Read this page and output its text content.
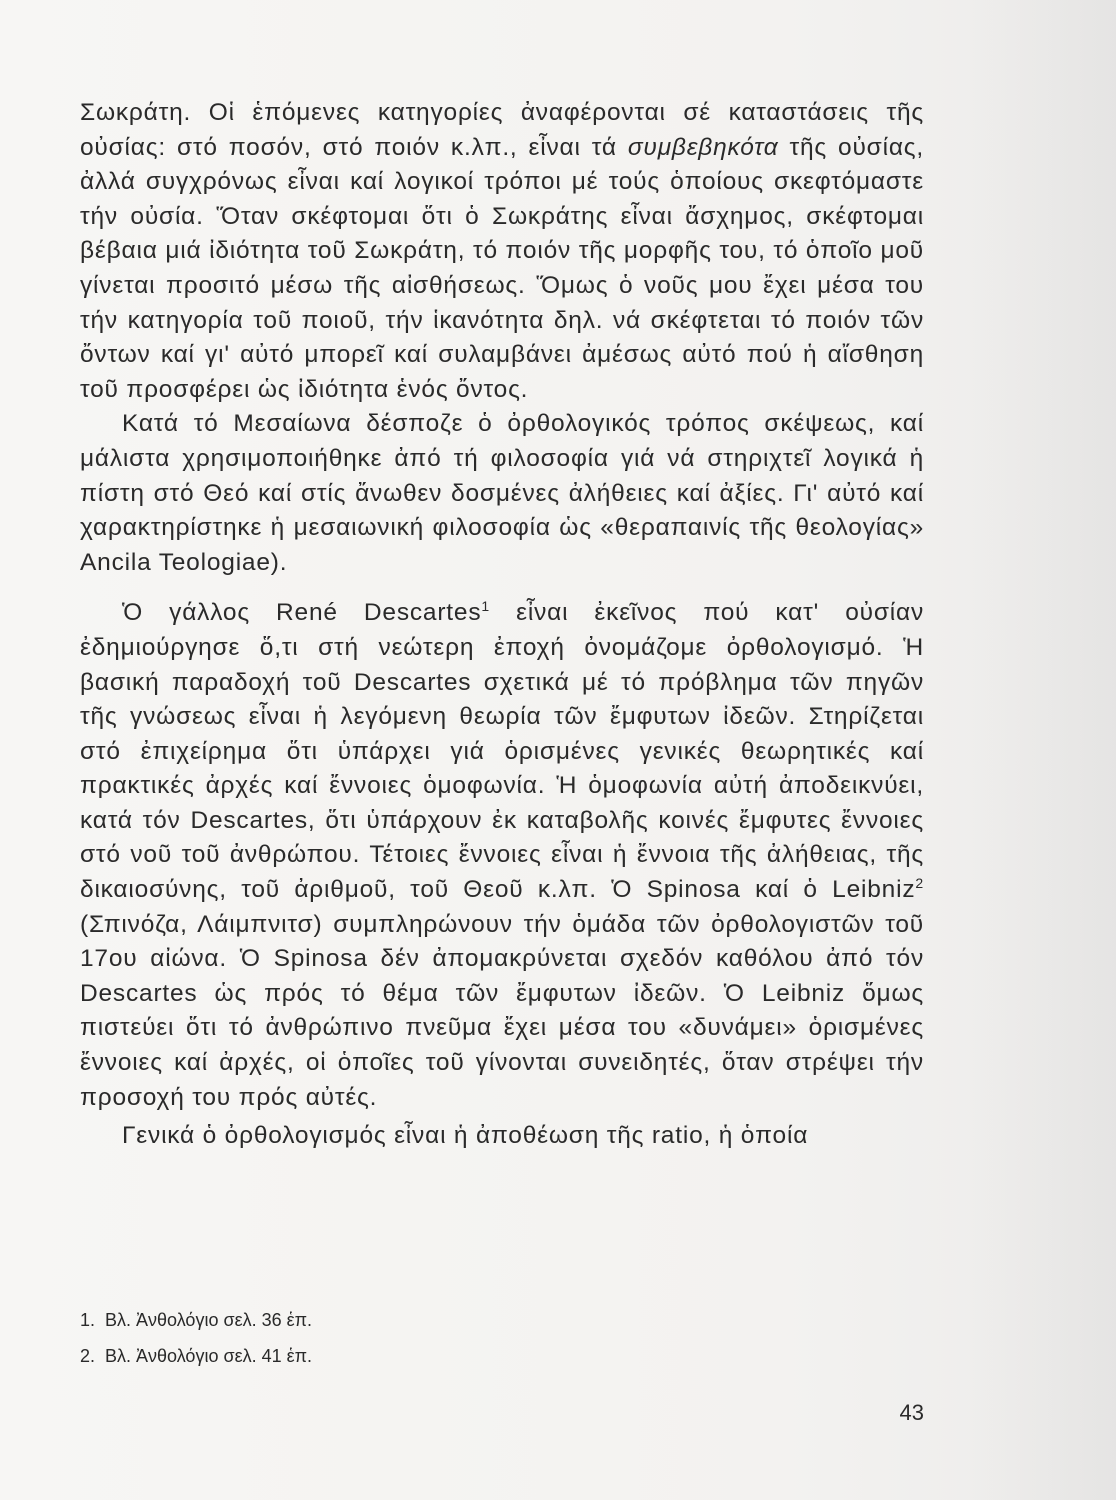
Σωκράτη. Οἱ ἑπόμενες κατηγορίες ἀναφέρονται σέ καταστάσεις τῆς οὐσίας: στό ποσόν, στό ποιόν κ.λπ., εἶναι τά συμβεβηκότα τῆς οὐσίας, ἀλλά συγχρόνως εἶναι καί λογικοί τρόποι μέ τούς ὁποίους σκεφτόμαστε τήν οὐσία. Ὅταν σκέφτομαι ὅτι ὁ Σωκράτης εἶναι ἄσχημος, σκέφτομαι βέβαια μιά ἰδιότητα τοῦ Σωκράτη, τό ποιόν τῆς μορφῆς του, τό ὁποῖο μοῦ γίνεται προσιτό μέσω τῆς αἰσθήσεως. Ὅμως ὁ νοῦς μου ἔχει μέσα του τήν κατηγορία τοῦ ποιοῦ, τήν ἱκανότητα δηλ. νά σκέφτεται τό ποιόν τῶν ὄντων καί γι' αὐτό μπορεῖ καί συλαμβάνει ἀμέσως αὐτό πού ἡ αἴσθηση τοῦ προσφέρει ὡς ἰδιότητα ἑνός ὄντος.

Κατά τό Μεσαίωνα δέσποζε ὁ ὀρθολογικός τρόπος σκέψεως, καί μάλιστα χρησιμοποιήθηκε ἀπό τή φιλοσοφία γιά νά στηριχτεῖ λογικά ἡ πίστη στό Θεό καί στίς ἄνωθεν δοσμένες ἀλήθειες καί ἀξίες. Γι' αὐτό καί χαρακτηρίστηκε ἡ μεσαιωνική φιλοσοφία ὡς «θεραπαινίς τῆς θεολογίας» Ancila Teologiae).

Ὁ γάλλος René Descartes$^1$ εἶναι ἐκεῖνος πού κατ' οὐσίαν ἐδημιούργησε ὅ,τι στή νεώτερη ἐποχή ὀνομάζομε ὀρθολογισμό. Ἡ βασική παραδοχή τοῦ Descartes σχετικά μέ τό πρόβλημα τῶν πηγῶν τῆς γνώσεως εἶναι ἡ λεγόμενη θεωρία τῶν ἔμφυτων ἰδεῶν. Στηρίζεται στό ἐπιχείρημα ὅτι ὑπάρχει γιά ὁρισμένες γενικές θεωρητικές καί πρακτικές ἀρχές καί ἔννοιες ὁμοφωνία. Ἡ ὁμοφωνία αὐτή ἀποδεικνύει, κατά τόν Descartes, ὅτι ὑπάρχουν ἐκ καταβολῆς κοινές ἔμφυτες ἔννοιες στό νοῦ τοῦ ἀνθρώπου. Τέτοιες ἔννοιες εἶναι ἡ ἔννοια τῆς ἀλήθειας, τῆς δικαιοσύνης, τοῦ ἀριθμοῦ, τοῦ Θεοῦ κ.λπ. Ὁ Spinosa καί ὁ Leibniz$^2$ (Σπινόζα, Λάιμπνιτσ) συμπληρώνουν τήν ὁμάδα τῶν ὀρθολογιστῶν τοῦ 17ου αἰώνα. Ὁ Spinosa δέν ἀπομακρύνεται σχεδόν καθόλου ἀπό τόν Descartes ὡς πρός τό θέμα τῶν ἔμφυτων ἰδεῶν. Ὁ Leibniz ὅμως πιστεύει ὅτι τό ἀνθρώπινο πνεῦμα ἔχει μέσα του «δυνάμει» ὁρισμένες ἔννοιες καί ἀρχές, οἱ ὁποῖες τοῦ γίνονται συνειδητές, ὅταν στρέψει τήν προσοχή του πρός αὐτές.

Γενικά ὁ ὀρθολογισμός εἶναι ἡ ἀποθέωση τῆς ratio, ἡ ὁποία

1. Βλ. Ἀνθολόγιο σελ. 36 ἑπ.
2. Βλ. Ἀνθολόγιο σελ. 41 ἑπ.
43
